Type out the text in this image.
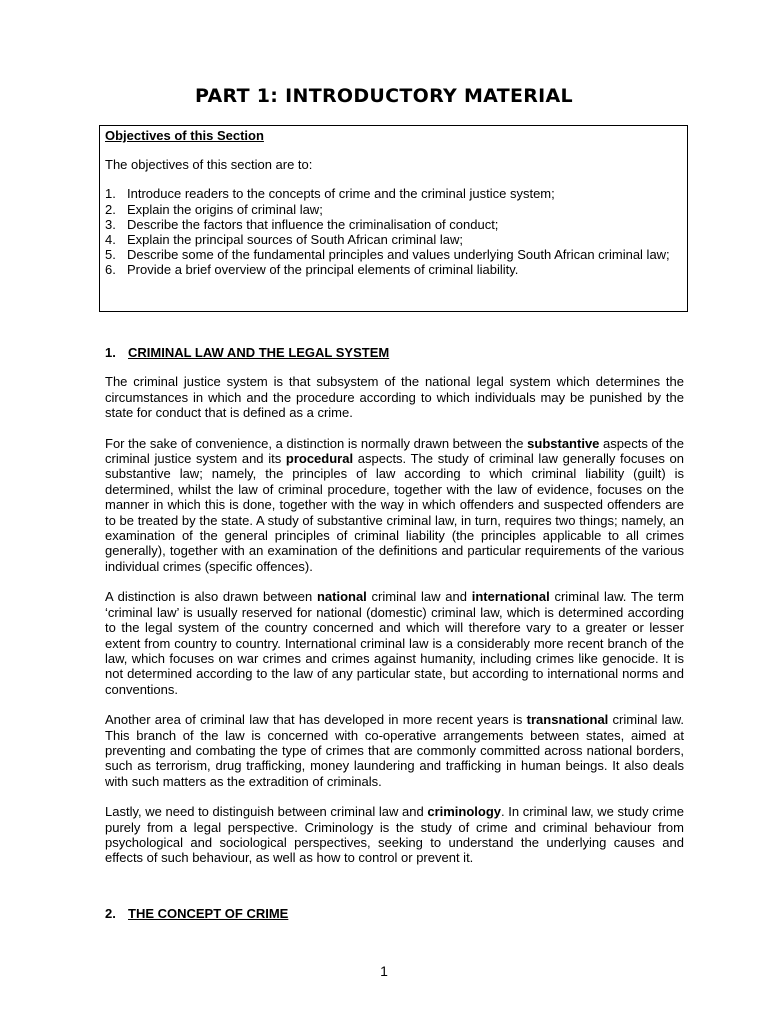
PART 1: INTRODUCTORY MATERIAL

Objectives of this Section

The objectives of this section are to:

1. Introduce readers to the concepts of crime and the criminal justice system;
2. Explain the origins of criminal law;
3. Describe the factors that influence the criminalisation of conduct;
4. Explain the principal sources of South African criminal law;
5. Describe some of the fundamental principles and values underlying South African criminal law;
6. Provide a brief overview of the principal elements of criminal liability.

1. CRIMINAL LAW AND THE LEGAL SYSTEM

The criminal justice system is that subsystem of the national legal system which determines the circumstances in which and the procedure according to which individuals may be punished by the state for conduct that is defined as a crime.

For the sake of convenience, a distinction is normally drawn between the substantive aspects of the criminal justice system and its procedural aspects. The study of criminal law generally focuses on substantive law; namely, the principles of law according to which criminal liability (guilt) is determined, whilst the law of criminal procedure, together with the law of evidence, focuses on the manner in which this is done, together with the way in which offenders and suspected offenders are to be treated by the state. A study of substantive criminal law, in turn, requires two things; namely, an examination of the general principles of criminal liability (the principles applicable to all crimes generally), together with an examination of the definitions and particular requirements of the various individual crimes (specific offences).

A distinction is also drawn between national criminal law and international criminal law. The term ‘criminal law’ is usually reserved for national (domestic) criminal law, which is determined according to the legal system of the country concerned and which will therefore vary to a greater or lesser extent from country to country. International criminal law is a considerably more recent branch of the law, which focuses on war crimes and crimes against humanity, including crimes like genocide. It is not determined according to the law of any particular state, but according to international norms and conventions.

Another area of criminal law that has developed in more recent years is transnational criminal law. This branch of the law is concerned with co-operative arrangements between states, aimed at preventing and combating the type of crimes that are commonly committed across national borders, such as terrorism, drug trafficking, money laundering and trafficking in human beings. It also deals with such matters as the extradition of criminals.

Lastly, we need to distinguish between criminal law and criminology. In criminal law, we study crime purely from a legal perspective. Criminology is the study of crime and criminal behaviour from psychological and sociological perspectives, seeking to understand the underlying causes and effects of such behaviour, as well as how to control or prevent it.

2. THE CONCEPT OF CRIME

1
